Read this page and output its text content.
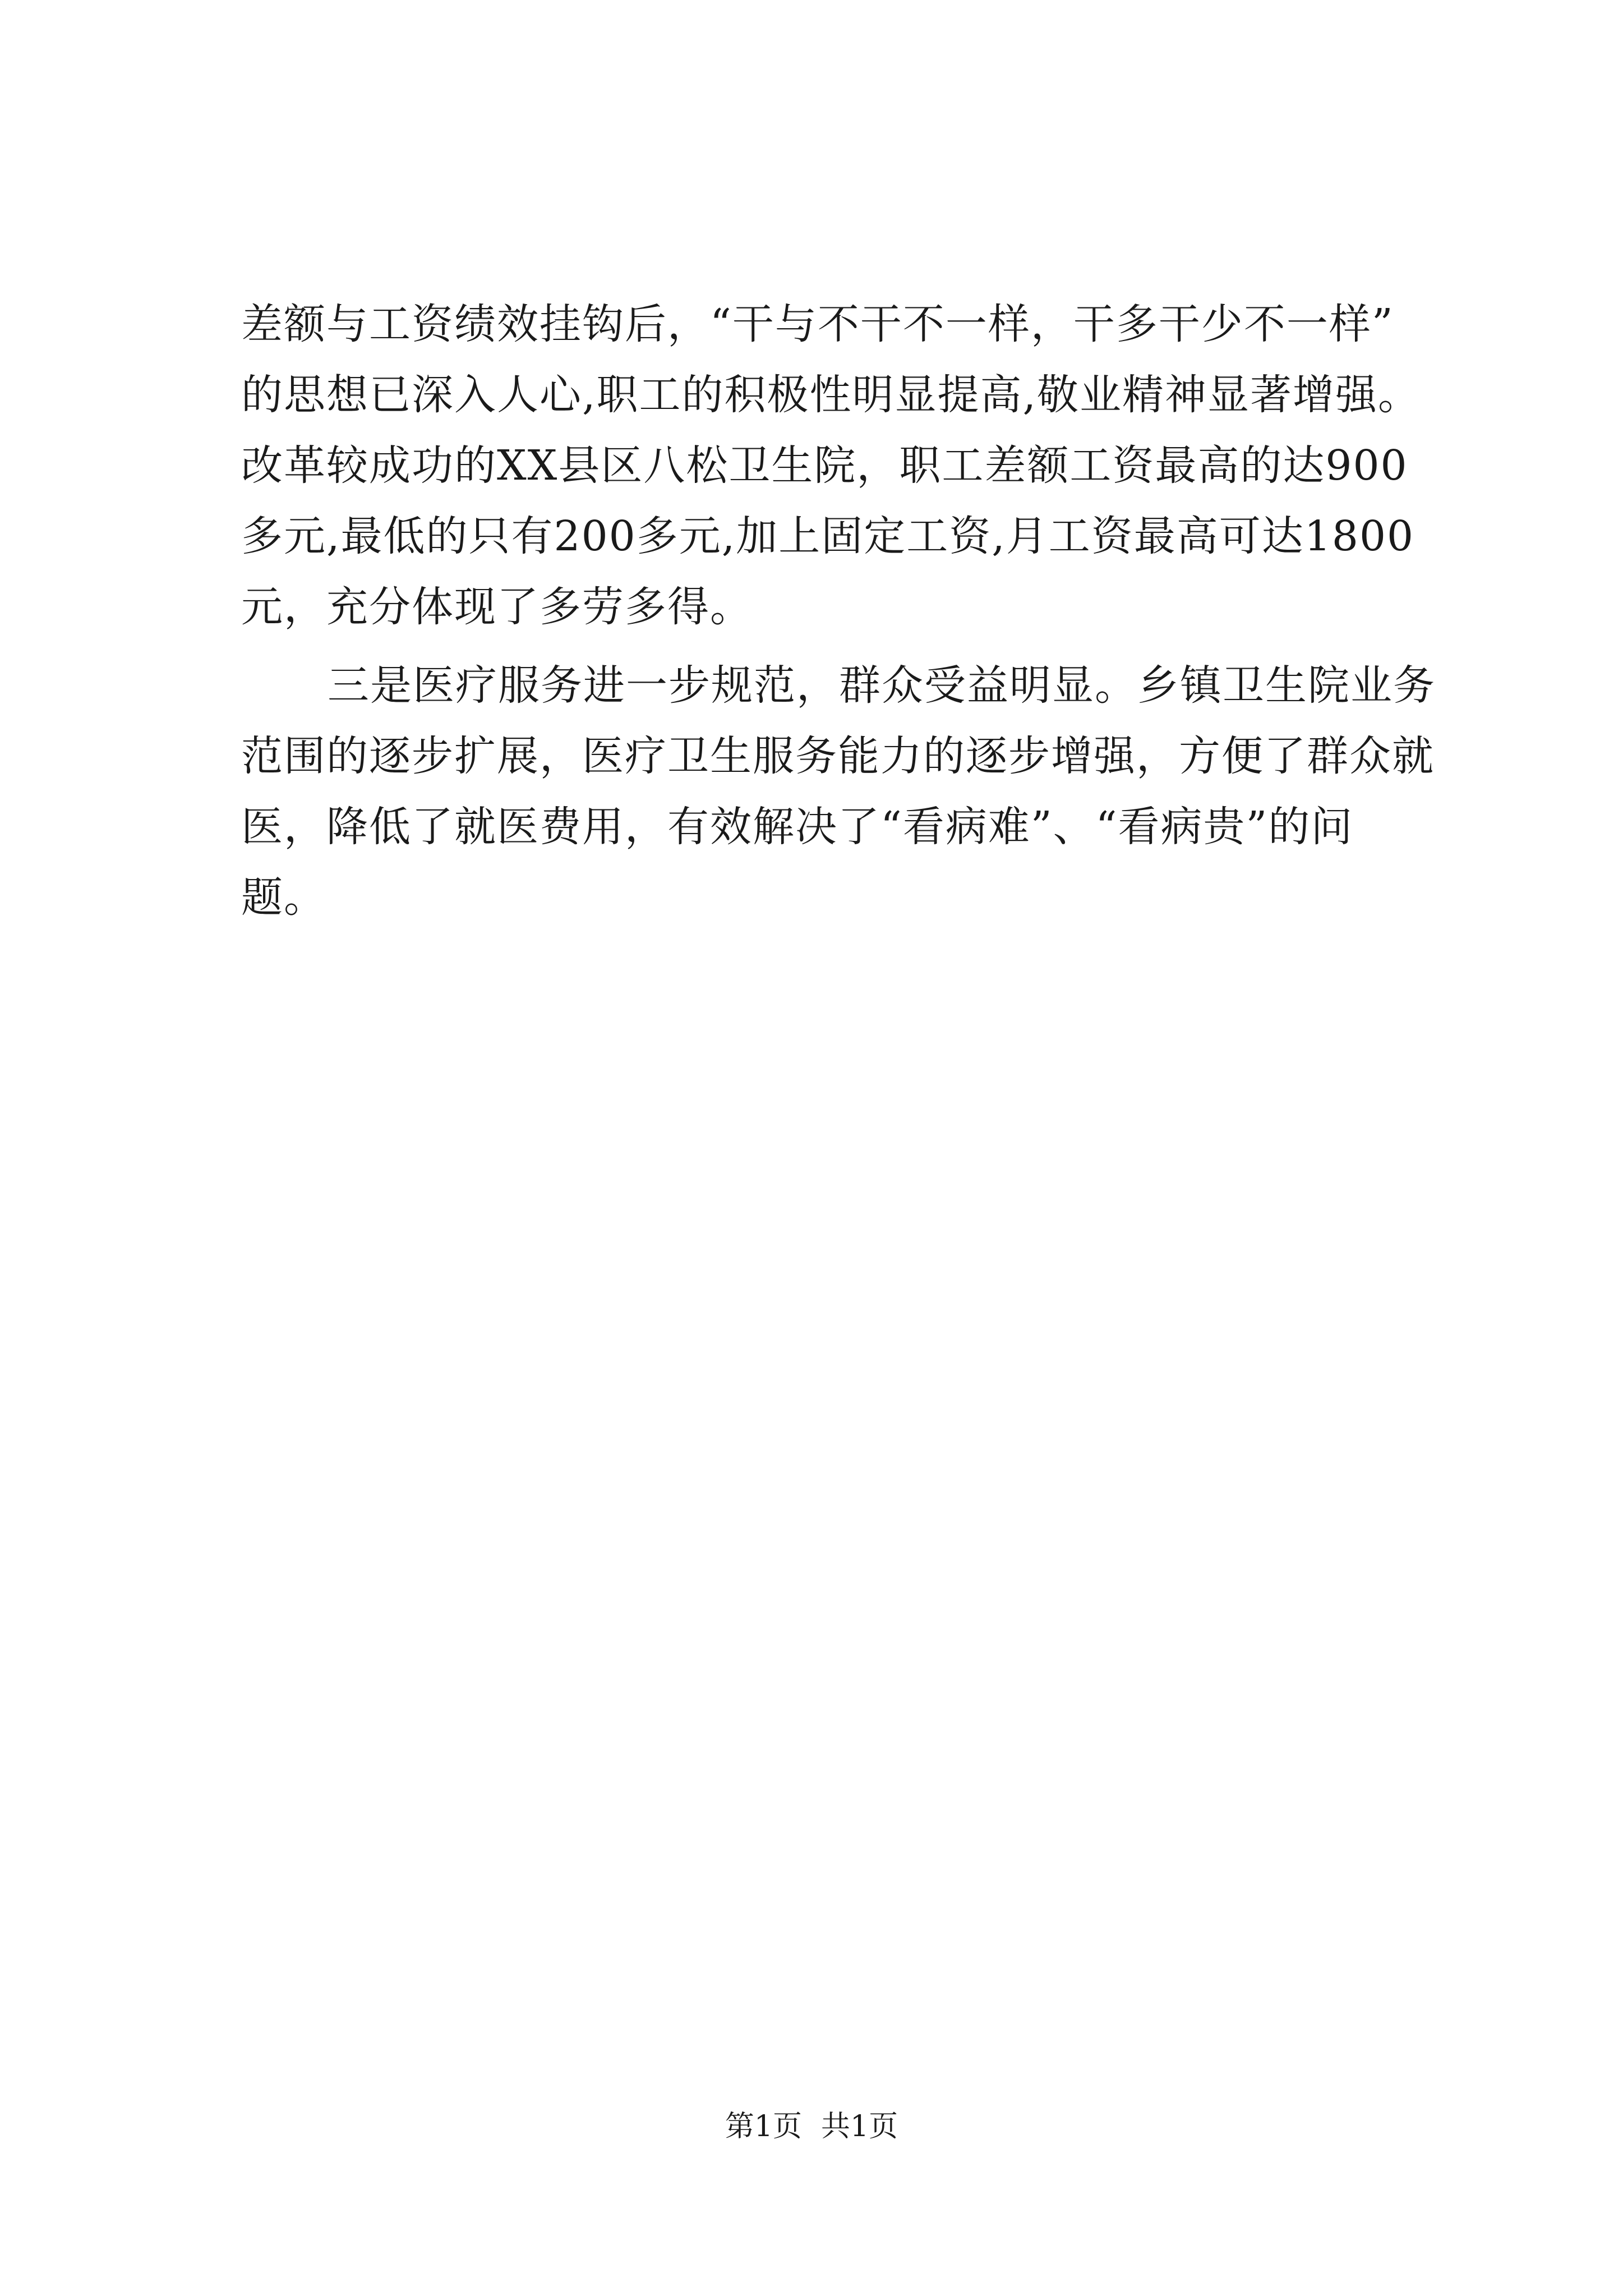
差额与工资绩效挂钩后，“干与不干不一样，干多干少不一样”
的思想已深入人心,职工的积极性明显提高,敬业精神显著增强。
改革较成功的XX县区八松卫生院，职工差额工资最高的达900
多元,最低的只有200多元,加上固定工资,月工资最高可达1800
元，充分体现了多劳多得。
三是医疗服务进一步规范，群众受益明显。乡镇卫生院业务
范围的逐步扩展，医疗卫生服务能力的逐步增强，方便了群众就
医，降低了就医费用，有效解决了“看病难”、“看病贵”的问
题。
第1页 共1页
